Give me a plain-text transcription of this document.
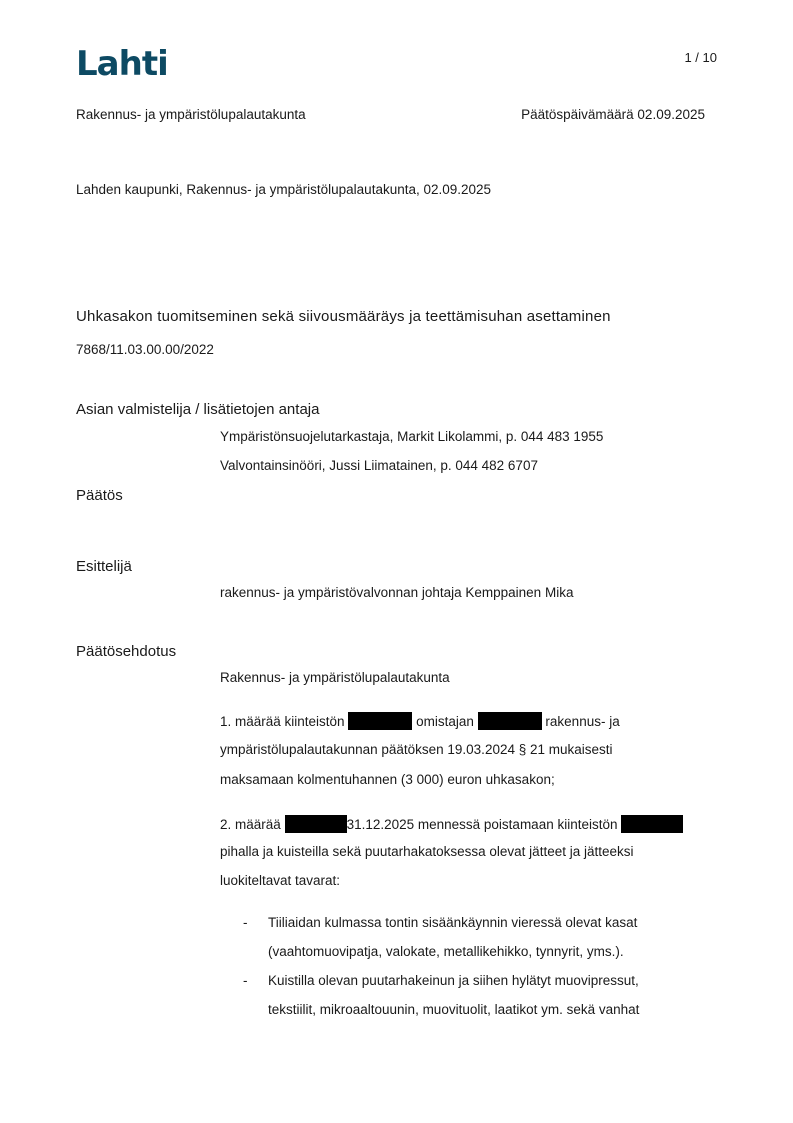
Lahti	1 / 10
Rakennus- ja ympäristölupalautakunta	Päätöspäivämäärä 02.09.2025
Lahden kaupunki, Rakennus- ja ympäristölupalautakunta, 02.09.2025
Uhkasakon tuomitseminen sekä siivousmääräys ja teettämisuhan asettaminen
7868/11.03.00.00/2022
Asian valmistelija / lisätietojen antaja
Ympäristönsuojelutarkastaja, Markit Likolammi, p. 044 483 1955
Valvontainsinööri, Jussi Liimatainen, p. 044 482 6707
Päätös
Esittelijä
rakennus- ja ympäristövalvonnan johtaja Kemppainen Mika
Päätösehdotus
Rakennus- ja ympäristölupalautakunta
1. määrää kiinteistön	omistajan	rakennus- ja
ympäristölupalautakunnan päätöksen 19.03.2024 § 21 mukaisesti
maksamaan kolmentuhannen (3 000) euron uhkasakon;
2. määrää	31.12.2025 mennessä poistamaan kiinteistön
pihalla ja kuisteilla sekä puutarhakatoksessa olevat jätteet ja jätteeksi
luokiteltavat tavarat:
- Tiiliaidan kulmassa tontin sisäänkäynnin vieressä olevat kasat
(vaahtomuovipatja, valokate, metallikehikko, tynnyrit, yms.).
- Kuistilla olevan puutarhakeinun ja siihen hylätyt muovipressut,
tekstiilit, mikroaaltouunin, muovituolit, laatikot ym. sekä vanhat
